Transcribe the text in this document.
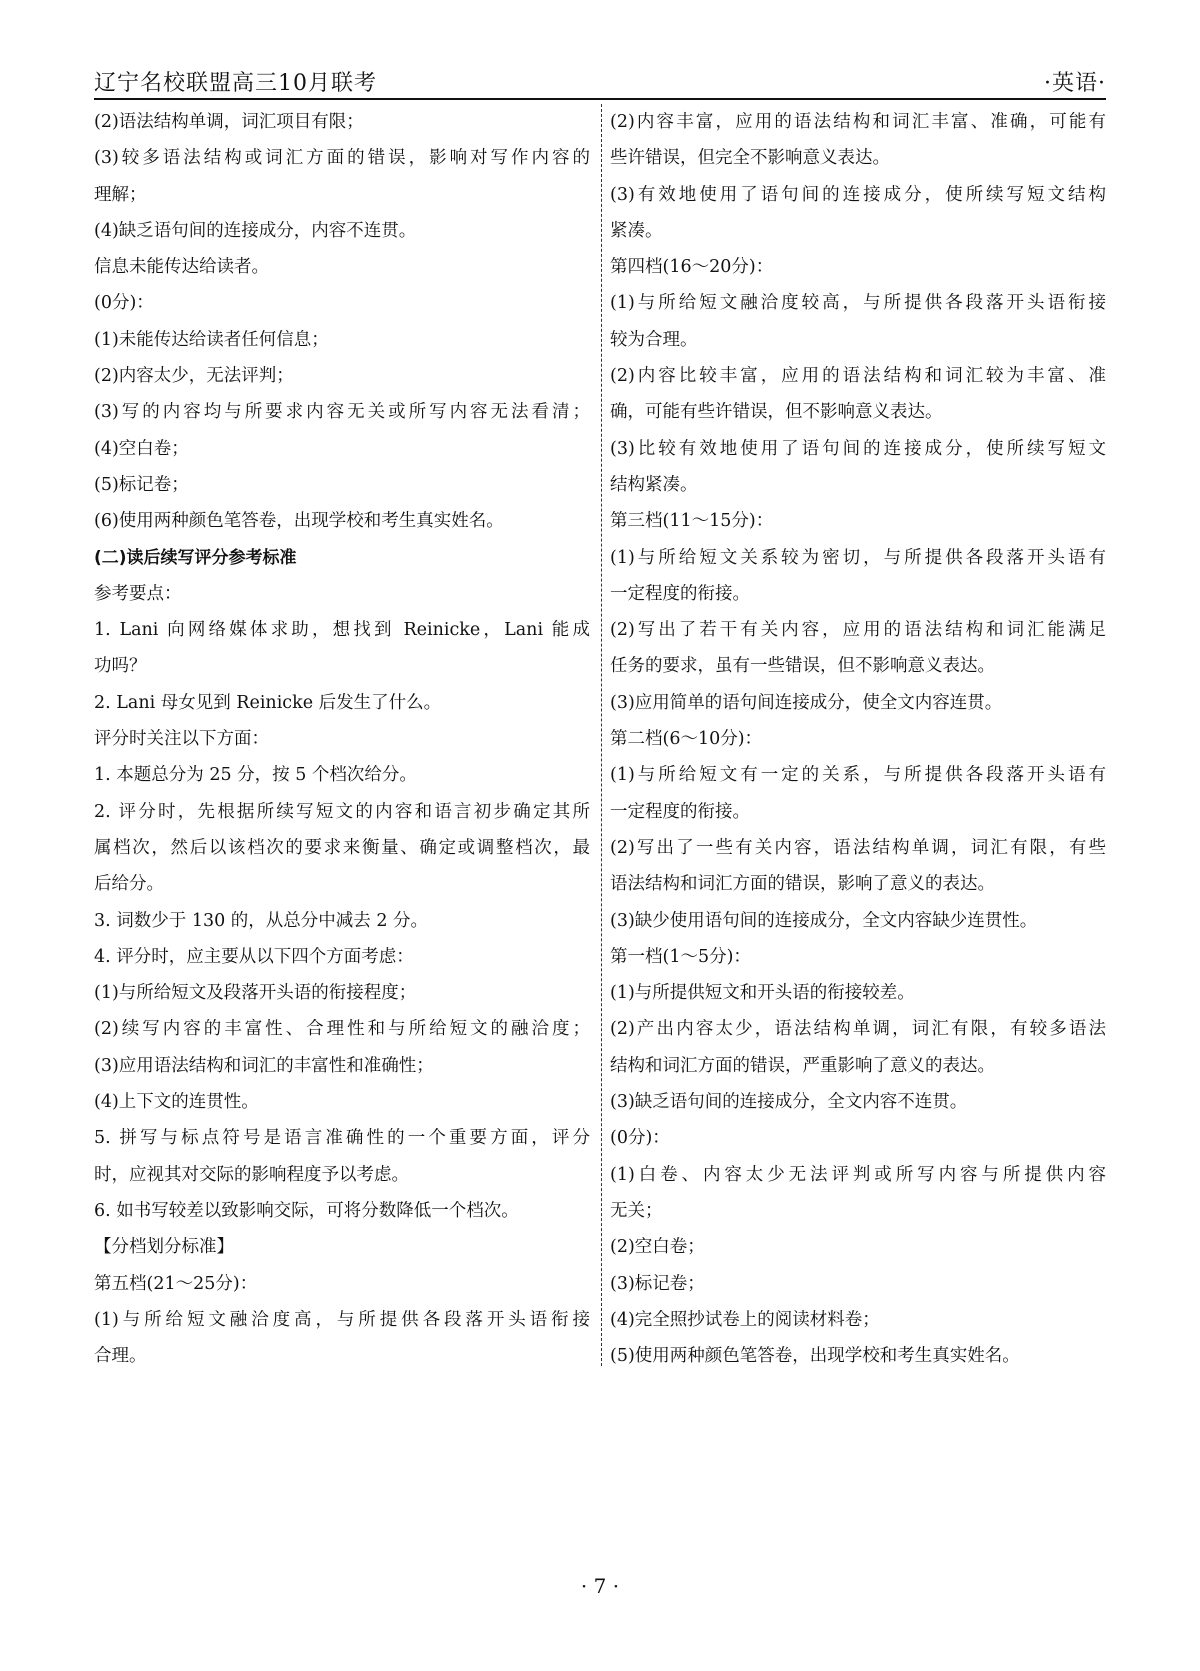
辽宁名校联盟高三10月联考	·英语·
(2)语法结构单调，词汇项目有限；
(3)较多语法结构或词汇方面的错误，影响对写作内容的
理解；
(4)缺乏语句间的连接成分，内容不连贯。
信息未能传达给读者。
(0分)：
(1)未能传达给读者任何信息；
(2)内容太少，无法评判；
(3)写的内容均与所要求内容无关或所写内容无法看清；
(4)空白卷；
(5)标记卷；
(6)使用两种颜色笔答卷，出现学校和考生真实姓名。
(二)读后续写评分参考标准
参考要点：
1. Lani 向网络媒体求助，想找到 Reinicke，Lani 能成
功吗？
2. Lani 母女见到 Reinicke 后发生了什么。
评分时关注以下方面：
1. 本题总分为 25 分，按 5 个档次给分。
2. 评分时，先根据所续写短文的内容和语言初步确定其所
属档次，然后以该档次的要求来衡量、确定或调整档次，最
后给分。
3. 词数少于 130 的，从总分中减去 2 分。
4. 评分时，应主要从以下四个方面考虑：
(1)与所给短文及段落开头语的衔接程度；
(2)续写内容的丰富性、合理性和与所给短文的融洽度；
(3)应用语法结构和词汇的丰富性和准确性；
(4)上下文的连贯性。
5. 拼写与标点符号是语言准确性的一个重要方面，评分
时，应视其对交际的影响程度予以考虑。
6. 如书写较差以致影响交际，可将分数降低一个档次。
【分档划分标准】
第五档(21～25分)：
(1)与所给短文融洽度高，与所提供各段落开头语衔接
合理。
(2)内容丰富，应用的语法结构和词汇丰富、准确，可能有
些许错误，但完全不影响意义表达。
(3)有效地使用了语句间的连接成分，使所续写短文结构
紧凑。
第四档(16～20分)：
(1)与所给短文融洽度较高，与所提供各段落开头语衔接
较为合理。
(2)内容比较丰富，应用的语法结构和词汇较为丰富、准
确，可能有些许错误，但不影响意义表达。
(3)比较有效地使用了语句间的连接成分，使所续写短文
结构紧凑。
第三档(11～15分)：
(1)与所给短文关系较为密切，与所提供各段落开头语有
一定程度的衔接。
(2)写出了若干有关内容，应用的语法结构和词汇能满足
任务的要求，虽有一些错误，但不影响意义表达。
(3)应用简单的语句间连接成分，使全文内容连贯。
第二档(6～10分)：
(1)与所给短文有一定的关系，与所提供各段落开头语有
一定程度的衔接。
(2)写出了一些有关内容，语法结构单调，词汇有限，有些
语法结构和词汇方面的错误，影响了意义的表达。
(3)缺少使用语句间的连接成分，全文内容缺少连贯性。
第一档(1～5分)：
(1)与所提供短文和开头语的衔接较差。
(2)产出内容太少，语法结构单调，词汇有限，有较多语法
结构和词汇方面的错误，严重影响了意义的表达。
(3)缺乏语句间的连接成分，全文内容不连贯。
(0分)：
(1)白卷、内容太少无法评判或所写内容与所提供内容
无关；
(2)空白卷；
(3)标记卷；
(4)完全照抄试卷上的阅读材料卷；
(5)使用两种颜色笔答卷，出现学校和考生真实姓名。
· 7 ·
